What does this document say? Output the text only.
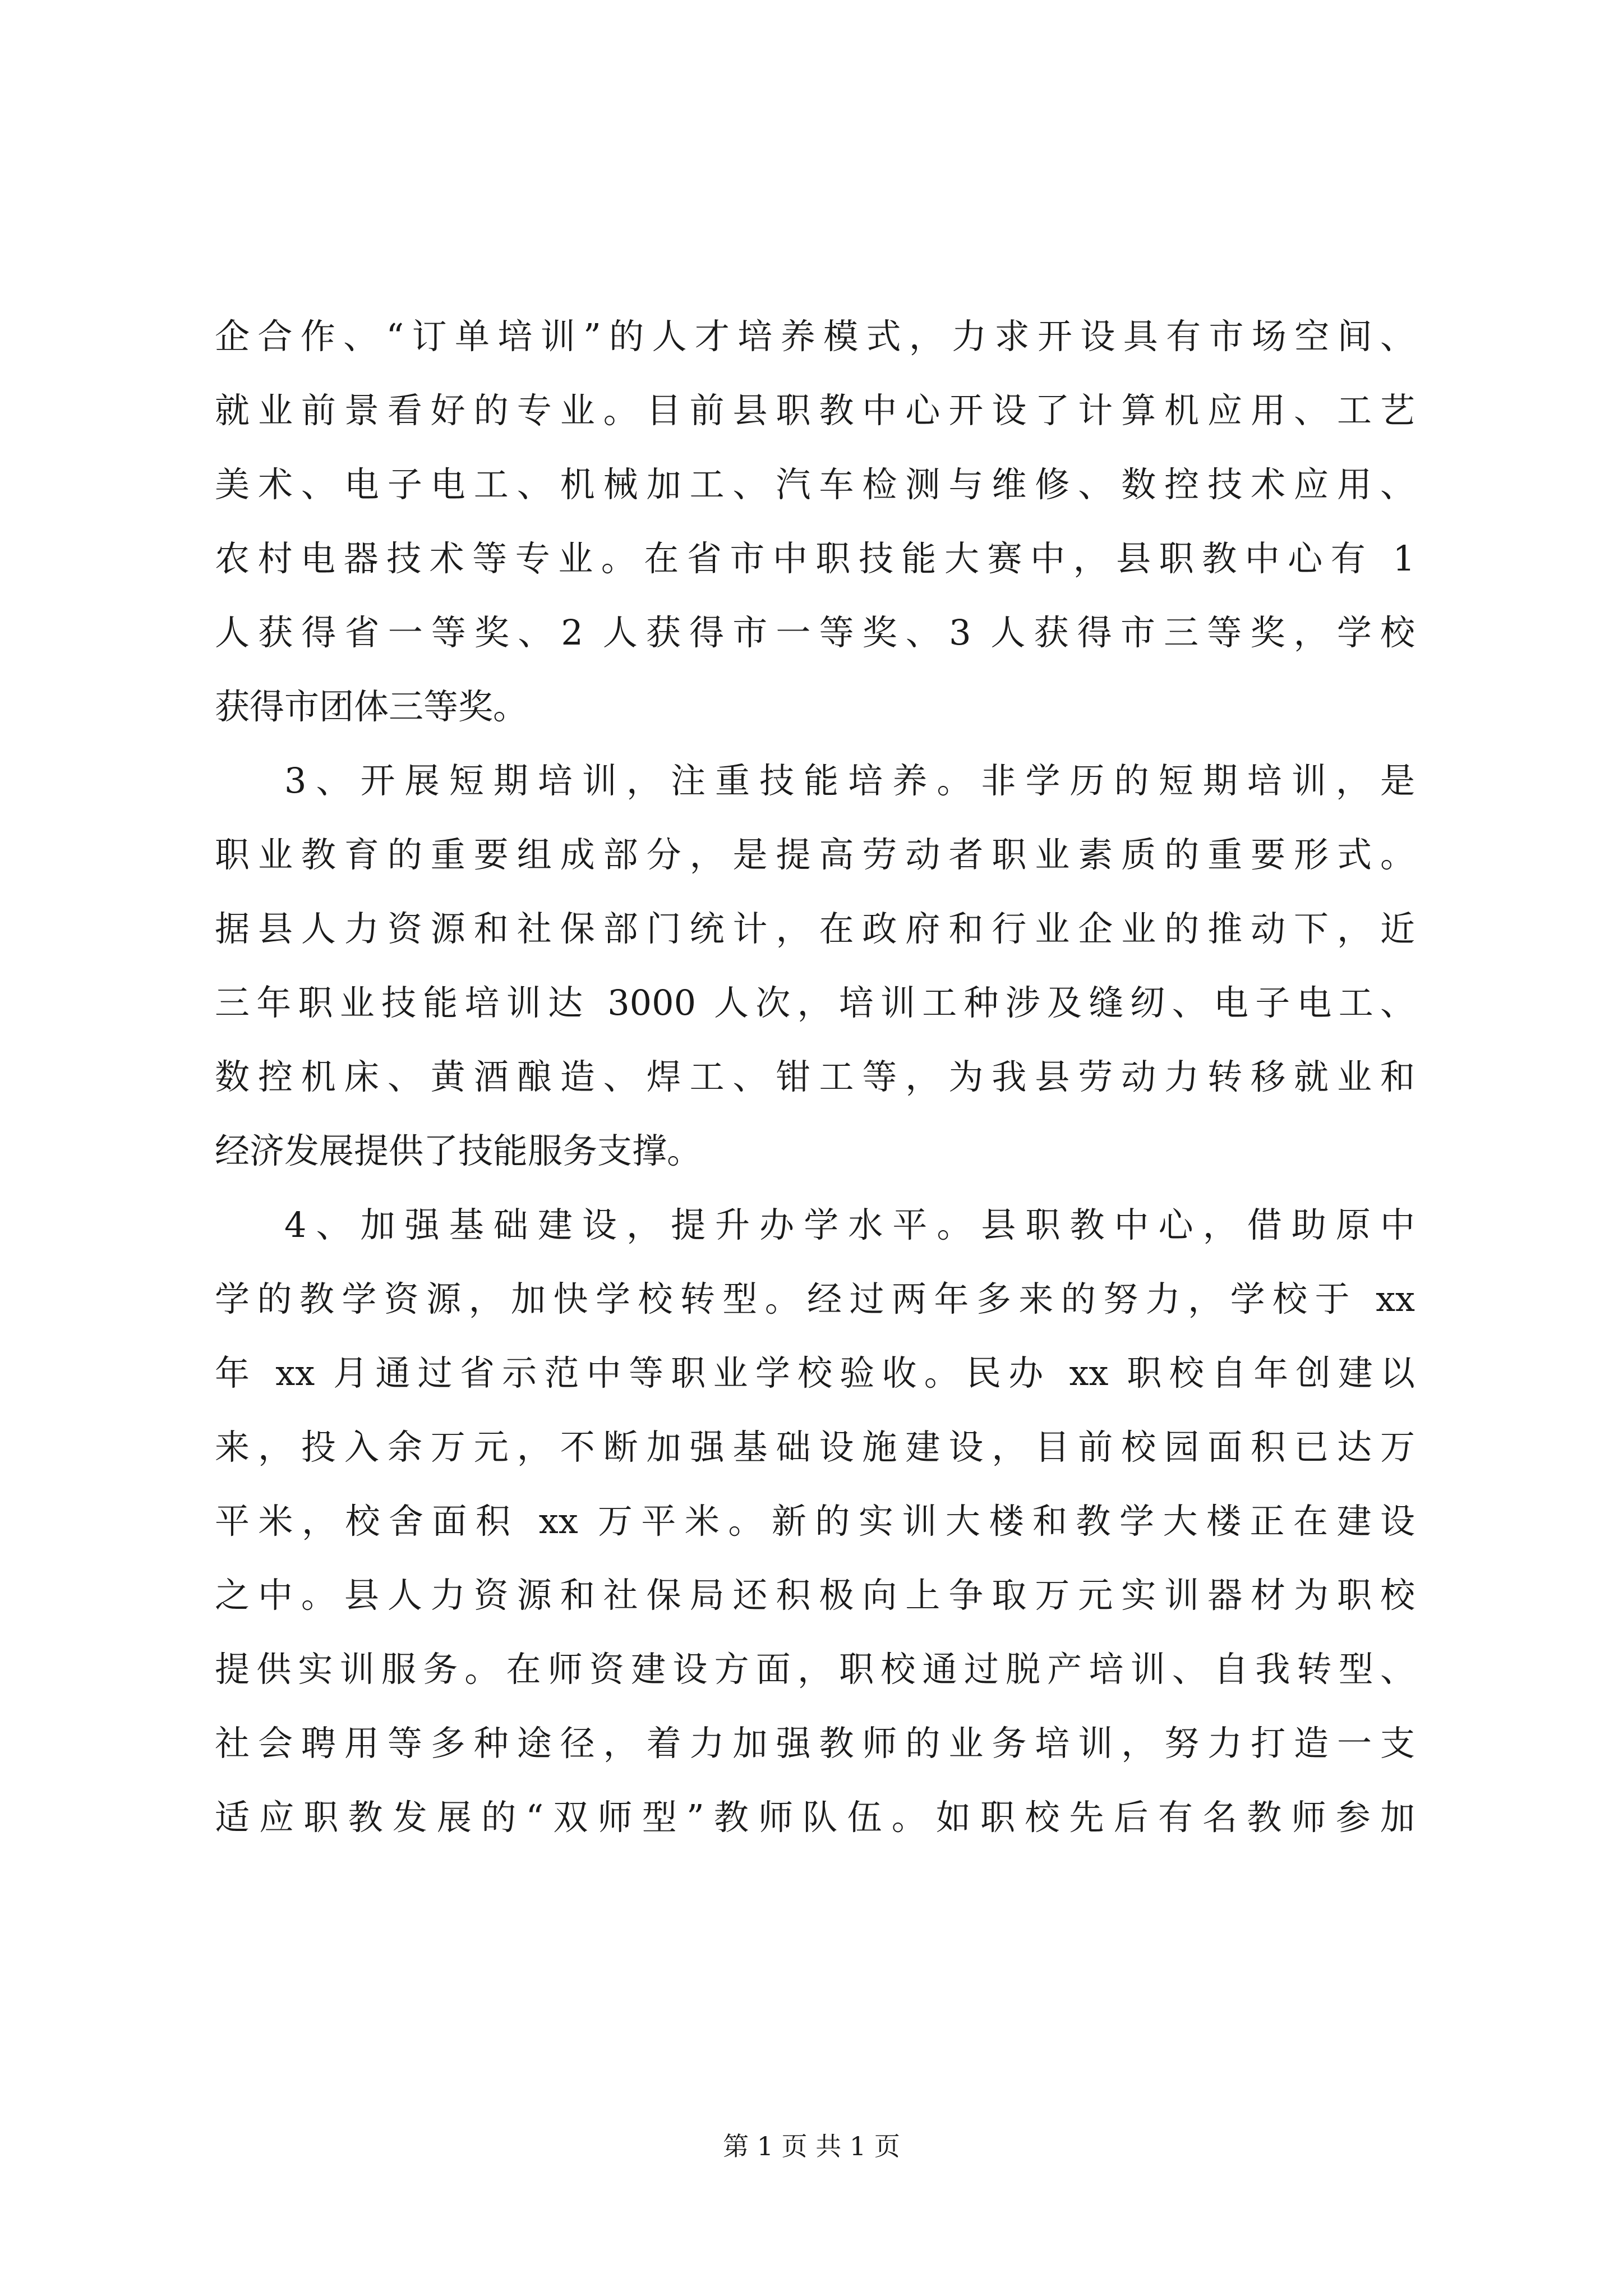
企合作、“订单培训”的人才培养模式，力求开设具有市场空间、
就业前景看好的专业。目前县职教中心开设了计算机应用、工艺
美术、电子电工、机械加工、汽车检测与维修、数控技术应用、
农村电器技术等专业。在省市中职技能大赛中，县职教中心有 1
人获得省一等奖、2 人获得市一等奖、3 人获得市三等奖，学校
获得市团体三等奖。
3、开展短期培训，注重技能培养。非学历的短期培训，是
职业教育的重要组成部分，是提高劳动者职业素质的重要形式。
据县人力资源和社保部门统计，在政府和行业企业的推动下，近
三年职业技能培训达 3000 人次，培训工种涉及缝纫、电子电工、
数控机床、黄酒酿造、焊工、钳工等，为我县劳动力转移就业和
经济发展提供了技能服务支撑。
4、加强基础建设，提升办学水平。县职教中心，借助原中
学的教学资源，加快学校转型。经过两年多来的努力，学校于 xx
年 xx 月通过省示范中等职业学校验收。民办 xx 职校自年创建以
来，投入余万元，不断加强基础设施建设，目前校园面积已达万
平米，校舍面积 xx 万平米。新的实训大楼和教学大楼正在建设
之中。县人力资源和社保局还积极向上争取万元实训器材为职校
提供实训服务。在师资建设方面，职校通过脱产培训、自我转型、
社会聘用等多种途径，着力加强教师的业务培训，努力打造一支
适应职教发展的“双师型”教师队伍。如职校先后有名教师参加
第 1 页 共 1 页
